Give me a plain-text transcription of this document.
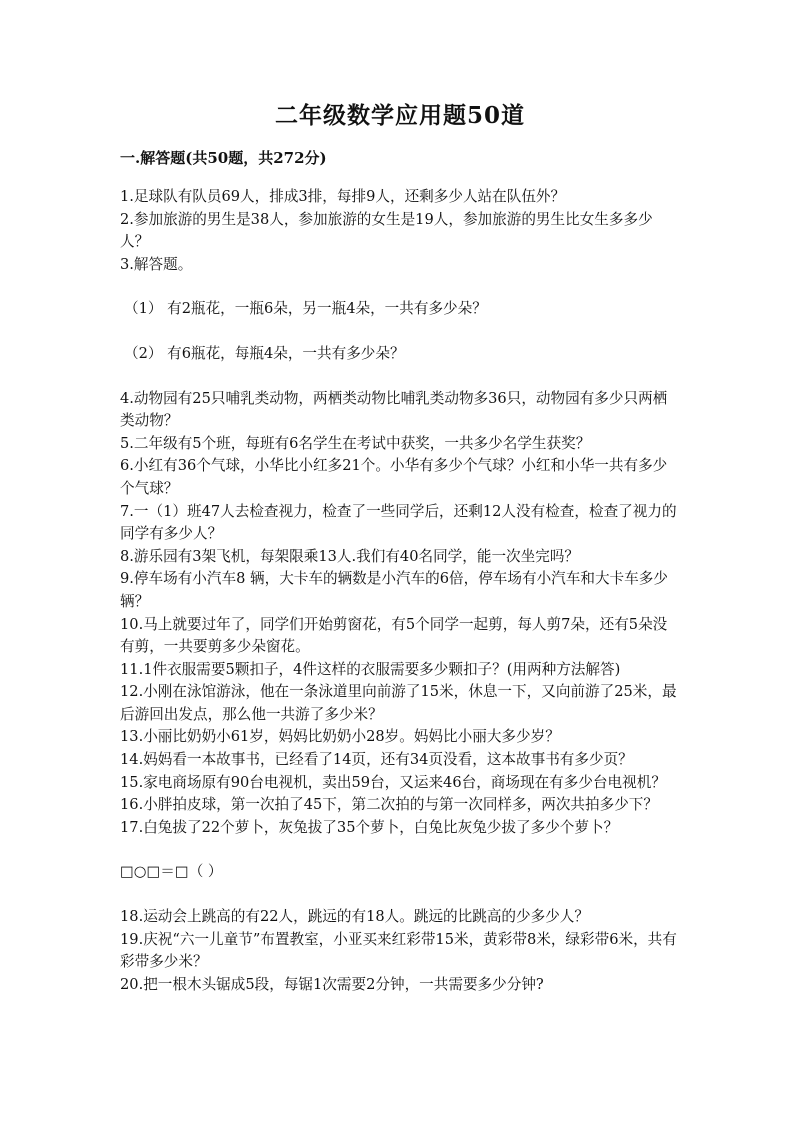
二年级数学应用题50道
一.解答题(共50题，共272分)

1.足球队有队员69人，排成3排，每排9人，还剩多少人站在队伍外？

2.参加旅游的男生是38人，参加旅游的女生是19人，参加旅游的男生比女生多多少人？

3.解答题。

（1） 有2瓶花，一瓶6朵，另一瓶4朵，一共有多少朵？

（2） 有6瓶花，每瓶4朵，一共有多少朵？

4.动物园有25只哺乳类动物，两栖类动物比哺乳类动物多36只，动物园有多少只两栖类动物？

5.二年级有5个班，每班有6名学生在考试中获奖，一共多少名学生获奖？

6.小红有36个气球，小华比小红多21个。小华有多少个气球？小红和小华一共有多少个气球？

7.一（1）班47人去检查视力，检查了一些同学后，还剩12人没有检查，检查了视力的同学有多少人？

8.游乐园有3架飞机，每架限乘13人.我们有40名同学，能一次坐完吗？

9.停车场有小汽车8 辆，大卡车的辆数是小汽车的6倍，停车场有小汽车和大卡车多少辆？

10.马上就要过年了，同学们开始剪窗花，有5个同学一起剪，每人剪7朵，还有5朵没有剪，一共要剪多少朵窗花。

11.1件衣服需要5颗扣子，4件这样的衣服需要多少颗扣子？(用两种方法解答)

12.小刚在泳馆游泳，他在一条泳道里向前游了15米，休息一下，又向前游了25米，最后游回出发点，那么他一共游了多少米？

13.小丽比奶奶小61岁，妈妈比奶奶小28岁。妈妈比小丽大多少岁？

14.妈妈看一本故事书，已经看了14页，还有34页没看，这本故事书有多少页？

15.家电商场原有90台电视机，卖出59台，又运来46台，商场现在有多少台电视机？

16.小胖拍皮球，第一次拍了45下，第二次拍的与第一次同样多，两次共拍多少下？

17.白兔拔了22个萝卜，灰兔拔了35个萝卜，白兔比灰兔少拔了多少个萝卜？

□○□＝□（ ）

18.运动会上跳高的有22人，跳远的有18人。跳远的比跳高的少多少人？

19.庆祝“六一儿童节”布置教室，小亚买来红彩带15米，黄彩带8米，绿彩带6米，共有彩带多少米？

20.把一根木头锯成5段，每锯1次需要2分钟，一共需要多少分钟?
